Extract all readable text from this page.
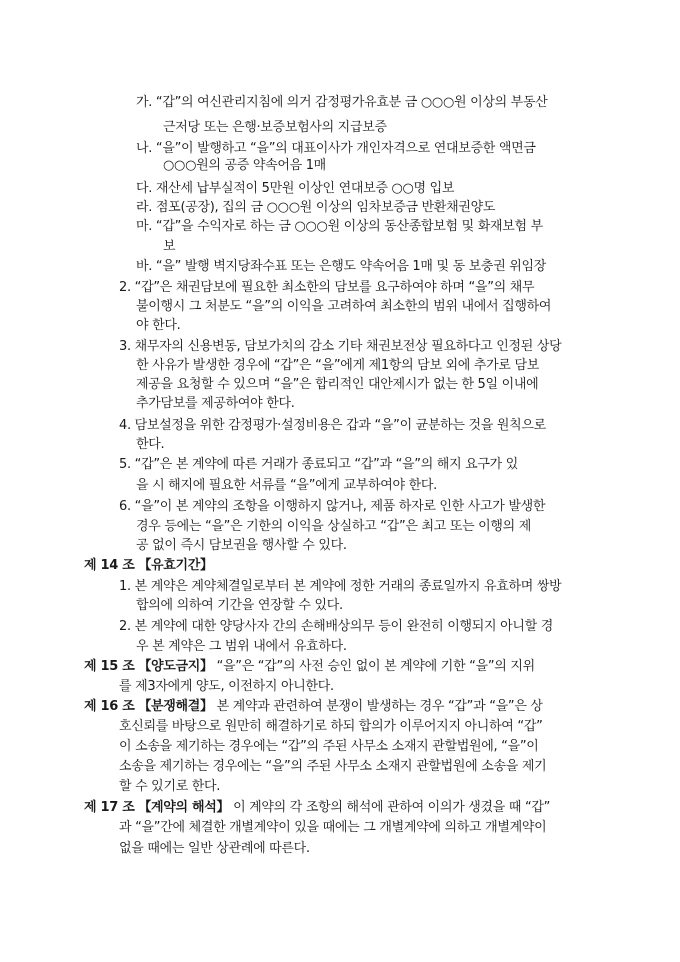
가. “갑”의 여신관리지침에 의거 감정평가유효분 금 ○○○원 이상의 부동산
근저당 또는 은행·보증보험사의 지급보증
나. “을”이 발행하고 “을”의 대표이사가 개인자격으로 연대보증한 액면금
○○○원의 공증 약속어음 1매
다. 재산세 납부실적이 5만원 이상인 연대보증 ○○명 입보
라. 점포(공장), 집의 금 ○○○원 이상의 임차보증금 반환채권양도
마. “갑”을 수익자로 하는 금 ○○○원 이상의 동산종합보험 및 화재보험 부
보
바. “을” 발행 벽지당좌수표 또는 은행도 약속어음 1매 및 동 보충권 위임장
2. “갑”은 채권담보에 필요한 최소한의 담보를 요구하여야 하며 “을”의 채무
불이행시 그 처분도 “을”의 이익을 고려하여 최소한의 범위 내에서 집행하여
야 한다.
3. 채무자의 신용변동, 담보가치의 감소 기타 채권보전상 필요하다고 인정된 상당
한 사유가 발생한 경우에 “갑”은 “을”에게 제1항의 담보 외에 추가로 담보
제공을 요청할 수 있으며 “을”은 합리적인 대안제시가 없는 한 5일 이내에
추가담보를 제공하여야 한다.
4. 담보설정을 위한 감정평가·설정비용은 갑과 “을”이 균분하는 것을 원칙으로
한다.
5. “갑”은 본 계약에 따른 거래가 종료되고 “갑”과 “을”의 해지 요구가 있
을 시 해지에 필요한 서류를 “을”에게 교부하여야 한다.
6. “을”이 본 계약의 조항을 이행하지 않거나, 제품 하자로 인한 사고가 발생한
경우 등에는 “을”은 기한의 이익을 상실하고 “갑”은 최고 또는 이행의 제
공 없이 즉시 담보권을 행사할 수 있다.
제 14 조 【유효기간】
1. 본 계약은 계약체결일로부터 본 계약에 정한 거래의 종료일까지 유효하며 쌍방
합의에 의하여 기간을 연장할 수 있다.
2. 본 계약에 대한 양당사자 간의 손해배상의무 등이 완전히 이행되지 아니할 경
우 본 계약은 그 범위 내에서 유효하다.
제 15 조 【양도금지】 “을”은 “갑”의 사전 승인 없이 본 계약에 기한 “을”의 지위
를 제3자에게 양도, 이전하지 아니한다.
제 16 조 【분쟁해결】 본 계약과 관련하여 분쟁이 발생하는 경우 “갑”과 “을”은 상
호신뢰를 바탕으로 원만히 해결하기로 하되 합의가 이루어지지 아니하여 “갑”
이 소송을 제기하는 경우에는 “갑”의 주된 사무소 소재지 관할법원에, “을”이
소송을 제기하는 경우에는 “을”의 주된 사무소 소재지 관할법원에 소송을 제기
할 수 있기로 한다.
제 17 조 【계약의 해석】 이 계약의 각 조항의 해석에 관하여 이의가 생겼을 때 “갑”
과 “을”간에 체결한 개별계약이 있을 때에는 그 개별계약에 의하고 개별계약이
없을 때에는 일반 상관례에 따른다.
